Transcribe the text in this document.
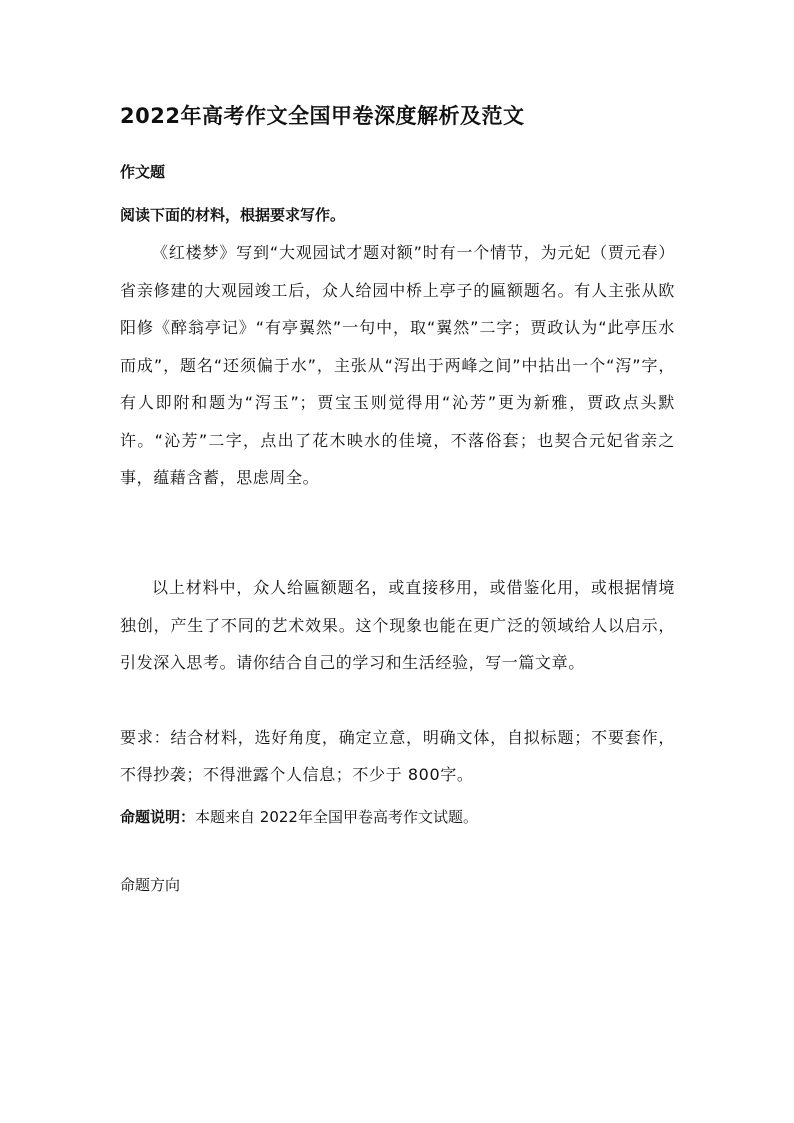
2022年高考作文全国甲卷深度解析及范文

作文题

阅读下面的材料，根据要求写作。

《红楼梦》写到“大观园试才题对额”时有一个情节，为元妃（贾元春）省亲修建的大观园竣工后，众人给园中桥上亭子的匾额题名。有人主张从欧阳修《醉翁亭记》“有亭翼然”一句中，取“翼然”二字；贾政认为“此亭压水而成”，题名“还须偏于水”，主张从“泻出于两峰之间”中拈出一个“泻”字，有人即附和题为“泻玉”；贾宝玉则觉得用“沁芳”更为新雅，贾政点头默许。“沁芳”二字，点出了花木映水的佳境，不落俗套；也契合元妃省亲之事，蕴藉含蓄，思虑周全。

以上材料中，众人给匾额题名，或直接移用，或借鉴化用，或根据情境独创，产生了不同的艺术效果。这个现象也能在更广泛的领域给人以启示，引发深入思考。请你结合自己的学习和生活经验，写一篇文章。

要求：结合材料，选好角度，确定立意，明确文体，自拟标题；不要套作，不得抄袭；不得泄露个人信息；不少于 800字。

命题说明：本题来自 2022年全国甲卷高考作文试题。

命题方向
